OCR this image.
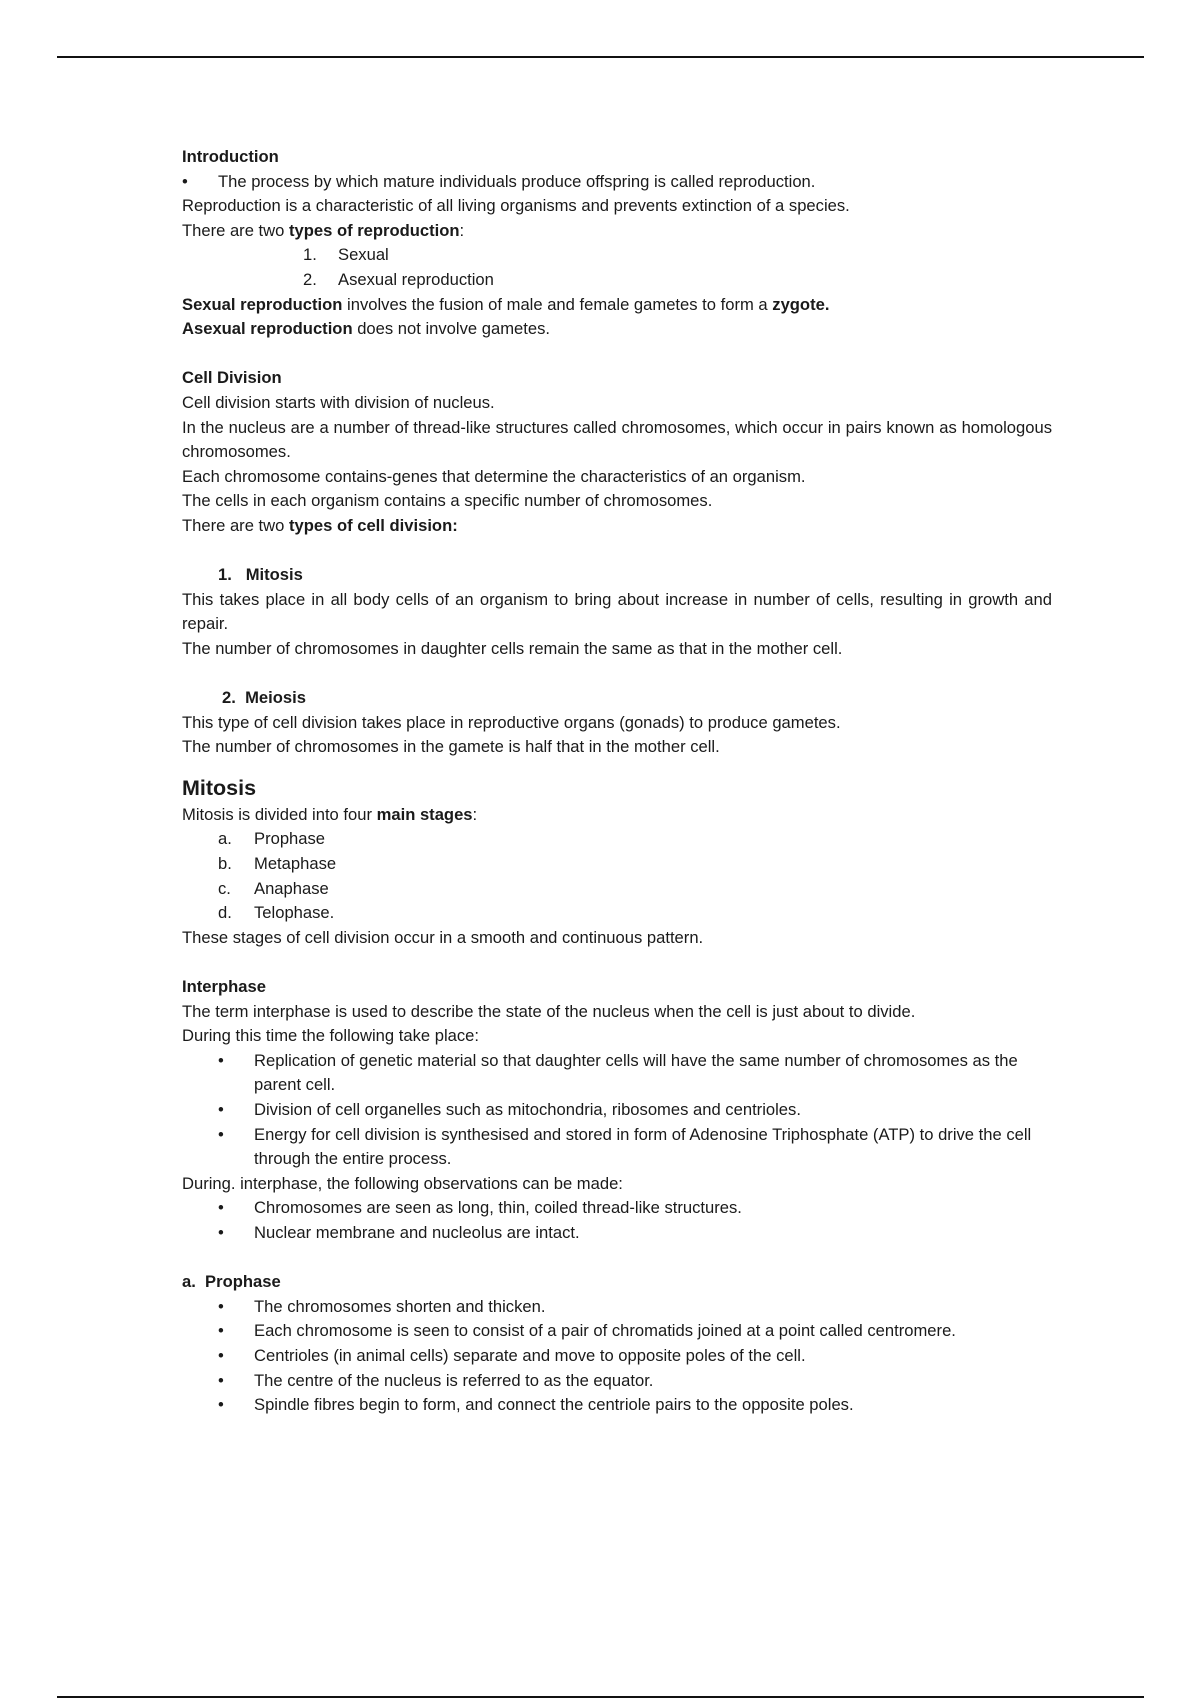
Introduction

• The process by which mature individuals produce offspring is called reproduction.

Reproduction is a characteristic of all living organisms and prevents extinction of a species.

There are two types of reproduction:

1. Sexual

2. Asexual reproduction

Sexual reproduction involves the fusion of male and female gametes to form a zygote.

Asexual reproduction does not involve gametes.

Cell Division

Cell division starts with division of nucleus.

In the nucleus are a number of thread-like structures called chromosomes, which occur in pairs known as homologous chromosomes.

Each chromosome contains-genes that determine the characteristics of an organism.

The cells in each organism contains a specific number of chromosomes.

There are two types of cell division:

1. Mitosis

This takes place in all body cells of an organism to bring about increase in number of cells, resulting in growth and repair.

The number of chromosomes in daughter cells remain the same as that in the mother cell.

2. Meiosis

This type of cell division takes place in reproductive organs (gonads) to produce gametes.

The number of chromosomes in the gamete is half that in the mother cell.

Mitosis

Mitosis is divided into four main stages:

a. Prophase

b. Metaphase

c. Anaphase

d. Telophase.

These stages of cell division occur in a smooth and continuous pattern.

Interphase

The term interphase is used to describe the state of the nucleus when the cell is just about to divide.

During this time the following take place:

• Replication of genetic material so that daughter cells will have the same number of chromosomes as the parent cell.

• Division of cell organelles such as mitochondria, ribosomes and centrioles.

• Energy for cell division is synthesised and stored in form of Adenosine Triphosphate (ATP) to drive the cell through the entire process.

During. interphase, the following observations can be made:

• Chromosomes are seen as long, thin, coiled thread-like structures.

• Nuclear membrane and nucleolus are intact.

a.  Prophase

• The chromosomes shorten and thicken.

• Each chromosome is seen to consist of a pair of chromatids joined at a point called centromere.

• Centrioles (in animal cells) separate and move to opposite poles of the cell.

• The centre of the nucleus is referred to as the equator.

• Spindle fibres begin to form, and connect the centriole pairs to the opposite poles.
